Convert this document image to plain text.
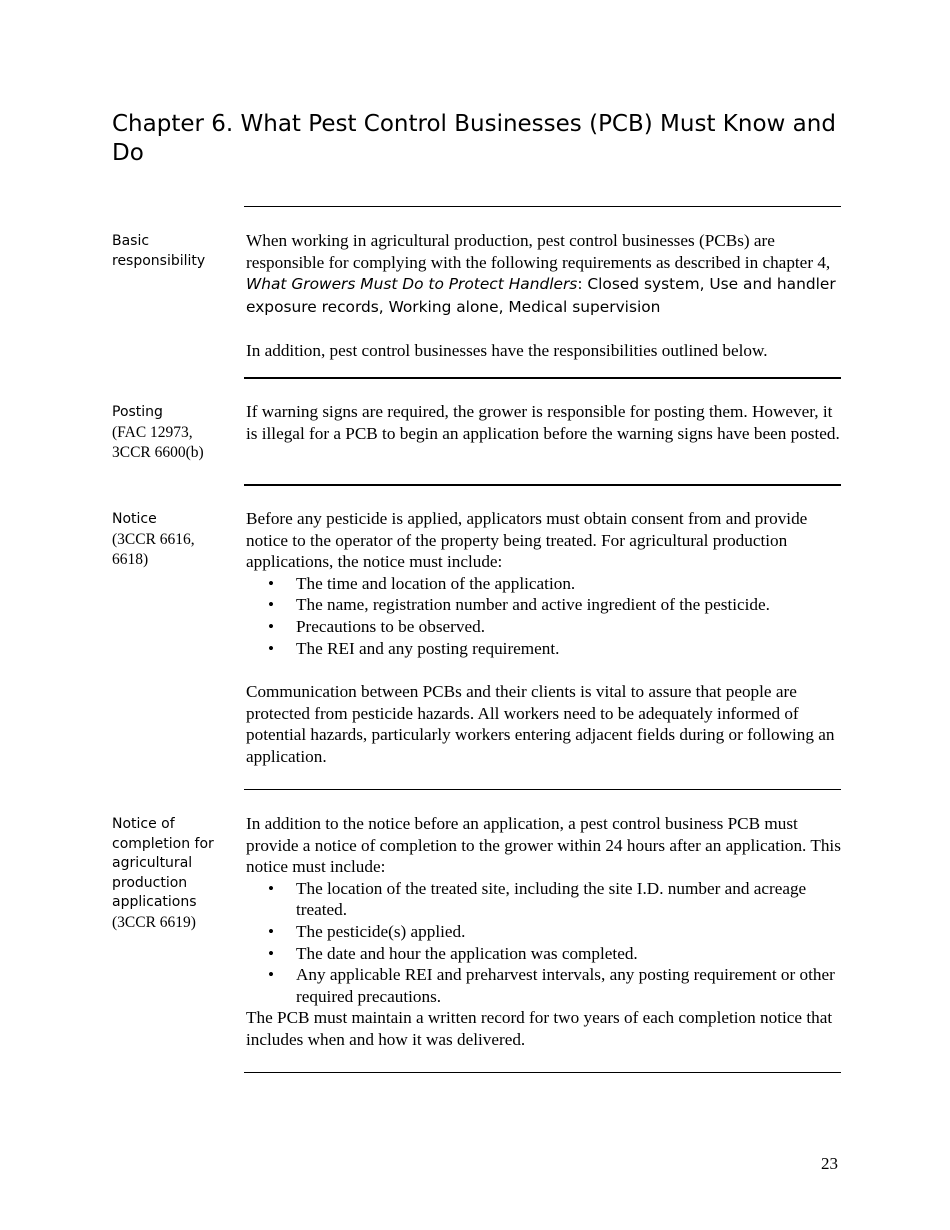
Chapter 6. What Pest Control Businesses (PCB) Must Know and Do
Basic responsibility

When working in agricultural production, pest control businesses (PCBs) are responsible for complying with the following requirements as described in chapter 4, What Growers Must Do to Protect Handlers: Closed system, Use and handler exposure records, Working alone, Medical supervision

In addition, pest control businesses have the responsibilities outlined below.

Posting
(FAC 12973, 3CCR 6600(b)

If warning signs are required, the grower is responsible for posting them. However, it is illegal for a PCB to begin an application before the warning signs have been posted.

Notice
(3CCR 6616, 6618)

Before any pesticide is applied, applicators must obtain consent from and provide notice to the operator of the property being treated. For agricultural production applications, the notice must include:

• The time and location of the application.
• The name, registration number and active ingredient of the pesticide.
• Precautions to be observed.
• The REI and any posting requirement.

Communication between PCBs and their clients is vital to assure that people are protected from pesticide hazards. All workers need to be adequately informed of potential hazards, particularly workers entering adjacent fields during or following an application.

Notice of completion for agricultural production applications
(3CCR 6619)

In addition to the notice before an application, a pest control business PCB must provide a notice of completion to the grower within 24 hours after an application. This notice must include:

• The location of the treated site, including the site I.D. number and acreage treated.
• The pesticide(s) applied.
• The date and hour the application was completed.
• Any applicable REI and preharvest intervals, any posting requirement or other required precautions.

The PCB must maintain a written record for two years of each completion notice that includes when and how it was delivered.

23
